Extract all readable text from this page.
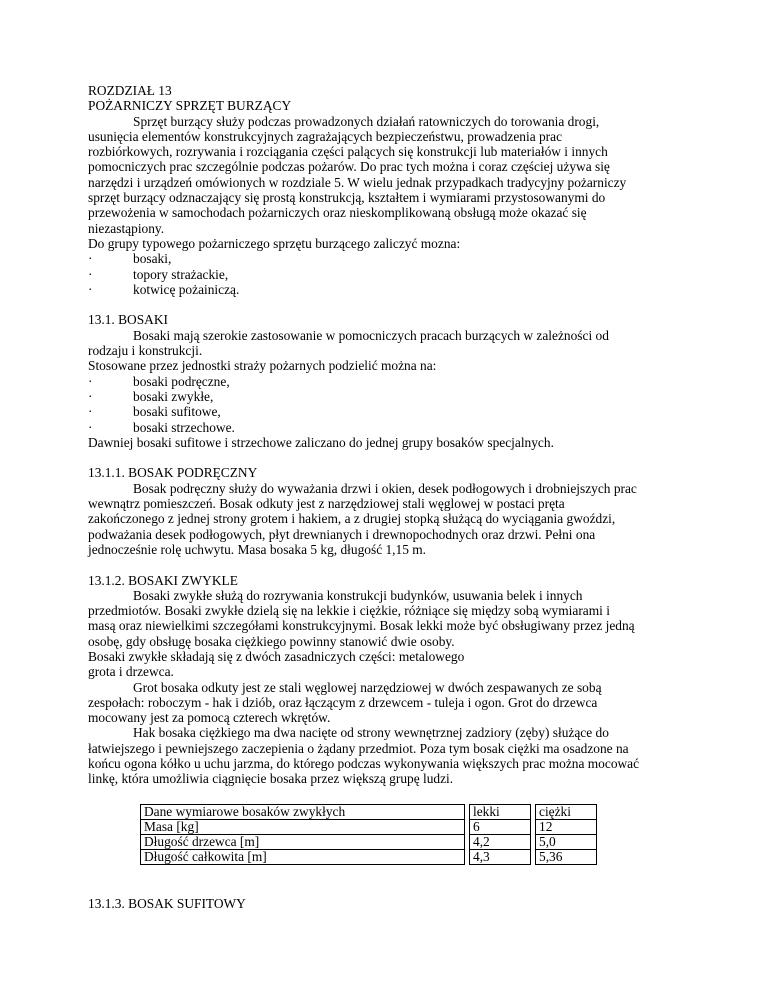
ROZDZIAŁ 13
POŻARNICZY SPRZĘT BURZĄCY
Sprzęt burzący służy podczas prowadzonych działań ratowniczych do torowania drogi,
usunięcia elementów konstrukcyjnych zagrażających bezpieczeństwu, prowadzenia prac
rozbiórkowych, rozrywania i rozciągania części palących się konstrukcji lub materiałów i innych
pomocniczych prac szczególnie podczas pożarów. Do prac tych można i coraz częściej używa się
narzędzi i urządzeń omówionych w rozdziale 5. W wielu jednak przypadkach tradycyjny pożarniczy
sprzęt burzący odznaczający się prostą konstrukcją, kształtem i wymiarami przystosowanymi do
przewożenia w samochodach pożarniczych oraz nieskomplikowaną obsługą może okazać się
niezastąpiony.
Do grupy typowego pożarniczego sprzętu burzącego zaliczyć mozna:
·	bosaki,
·	topory strażackie,
·	kotwicę pożainiczą.
13.1. BOSAKI
Bosaki mają szerokie zastosowanie w pomocniczych pracach burzących w zależności od
rodzaju i konstrukcji.
Stosowane przez jednostki straży pożarnych podzielić można na:
·	bosaki podręczne,
·	bosaki zwykłe,
·	bosaki sufitowe,
·	bosaki strzechowe.
Dawniej bosaki sufitowe i strzechowe zaliczano do jednej grupy bosaków specjalnych.
13.1.1. BOSAK PODRĘCZNY
Bosak podręczny służy do wyważania drzwi i okien, desek podłogowych i drobniejszych prac
wewnątrz pomieszczeń. Bosak odkuty jest z narzędziowej stali węglowej w postaci pręta
zakończonego z jednej strony grotem i hakiem, a z drugiej stopką służącą do wyciągania gwoździ,
podważania desek podłogowych, płyt drewnianych i drewnopochodnych oraz drzwi. Pełni ona
jednocześnie rolę uchwytu. Masa bosaka 5 kg, długość 1,15 m.
13.1.2. BOSAKI ZWYKLE
Bosaki zwykłe służą do rozrywania konstrukcji budynków, usuwania belek i innych
przedmiotów. Bosaki zwykłe dzielą się na lekkie i ciężkie, różniące się między sobą wymiarami i
masą oraz niewielkimi szczegółami konstrukcyjnymi. Bosak lekki może być obsługiwany przez jedną
osobę, gdy obsługę bosaka ciężkiego powinny stanowić dwie osoby.
Bosaki zwykłe składają się z dwóch zasadniczych części: metalowego
grota i drzewca.
Grot bosaka odkuty jest ze stali węglowej narzędziowej w dwóch zespawanych ze sobą
zespołach: roboczym - hak i dziób, oraz łączącym z drzewcem - tuleja i ogon. Grot do drzewca
mocowany jest za pomocą czterech wkrętów.
Hak bosaka ciężkiego ma dwa nacięte od strony wewnętrznej zadziory (zęby) służące do
łatwiejszego i pewniejszego zaczepienia o żądany przedmiot. Poza tym bosak ciężki ma osadzone na
końcu ogona kółko u uchu jarzma, do którego podczas wykonywania większych prac można mocować
linkę, która umożliwia ciągnięcie bosaka przez większą grupę ludzi.
Dane wymiarowe bosaków zwykłych		lekki		ciężki
Masa [kg]		6		12
Długość drzewca [m]		4,2		5,0
Długość całkowita [m]		4,3		5,36
13.1.3. BOSAK SUFITOWY
